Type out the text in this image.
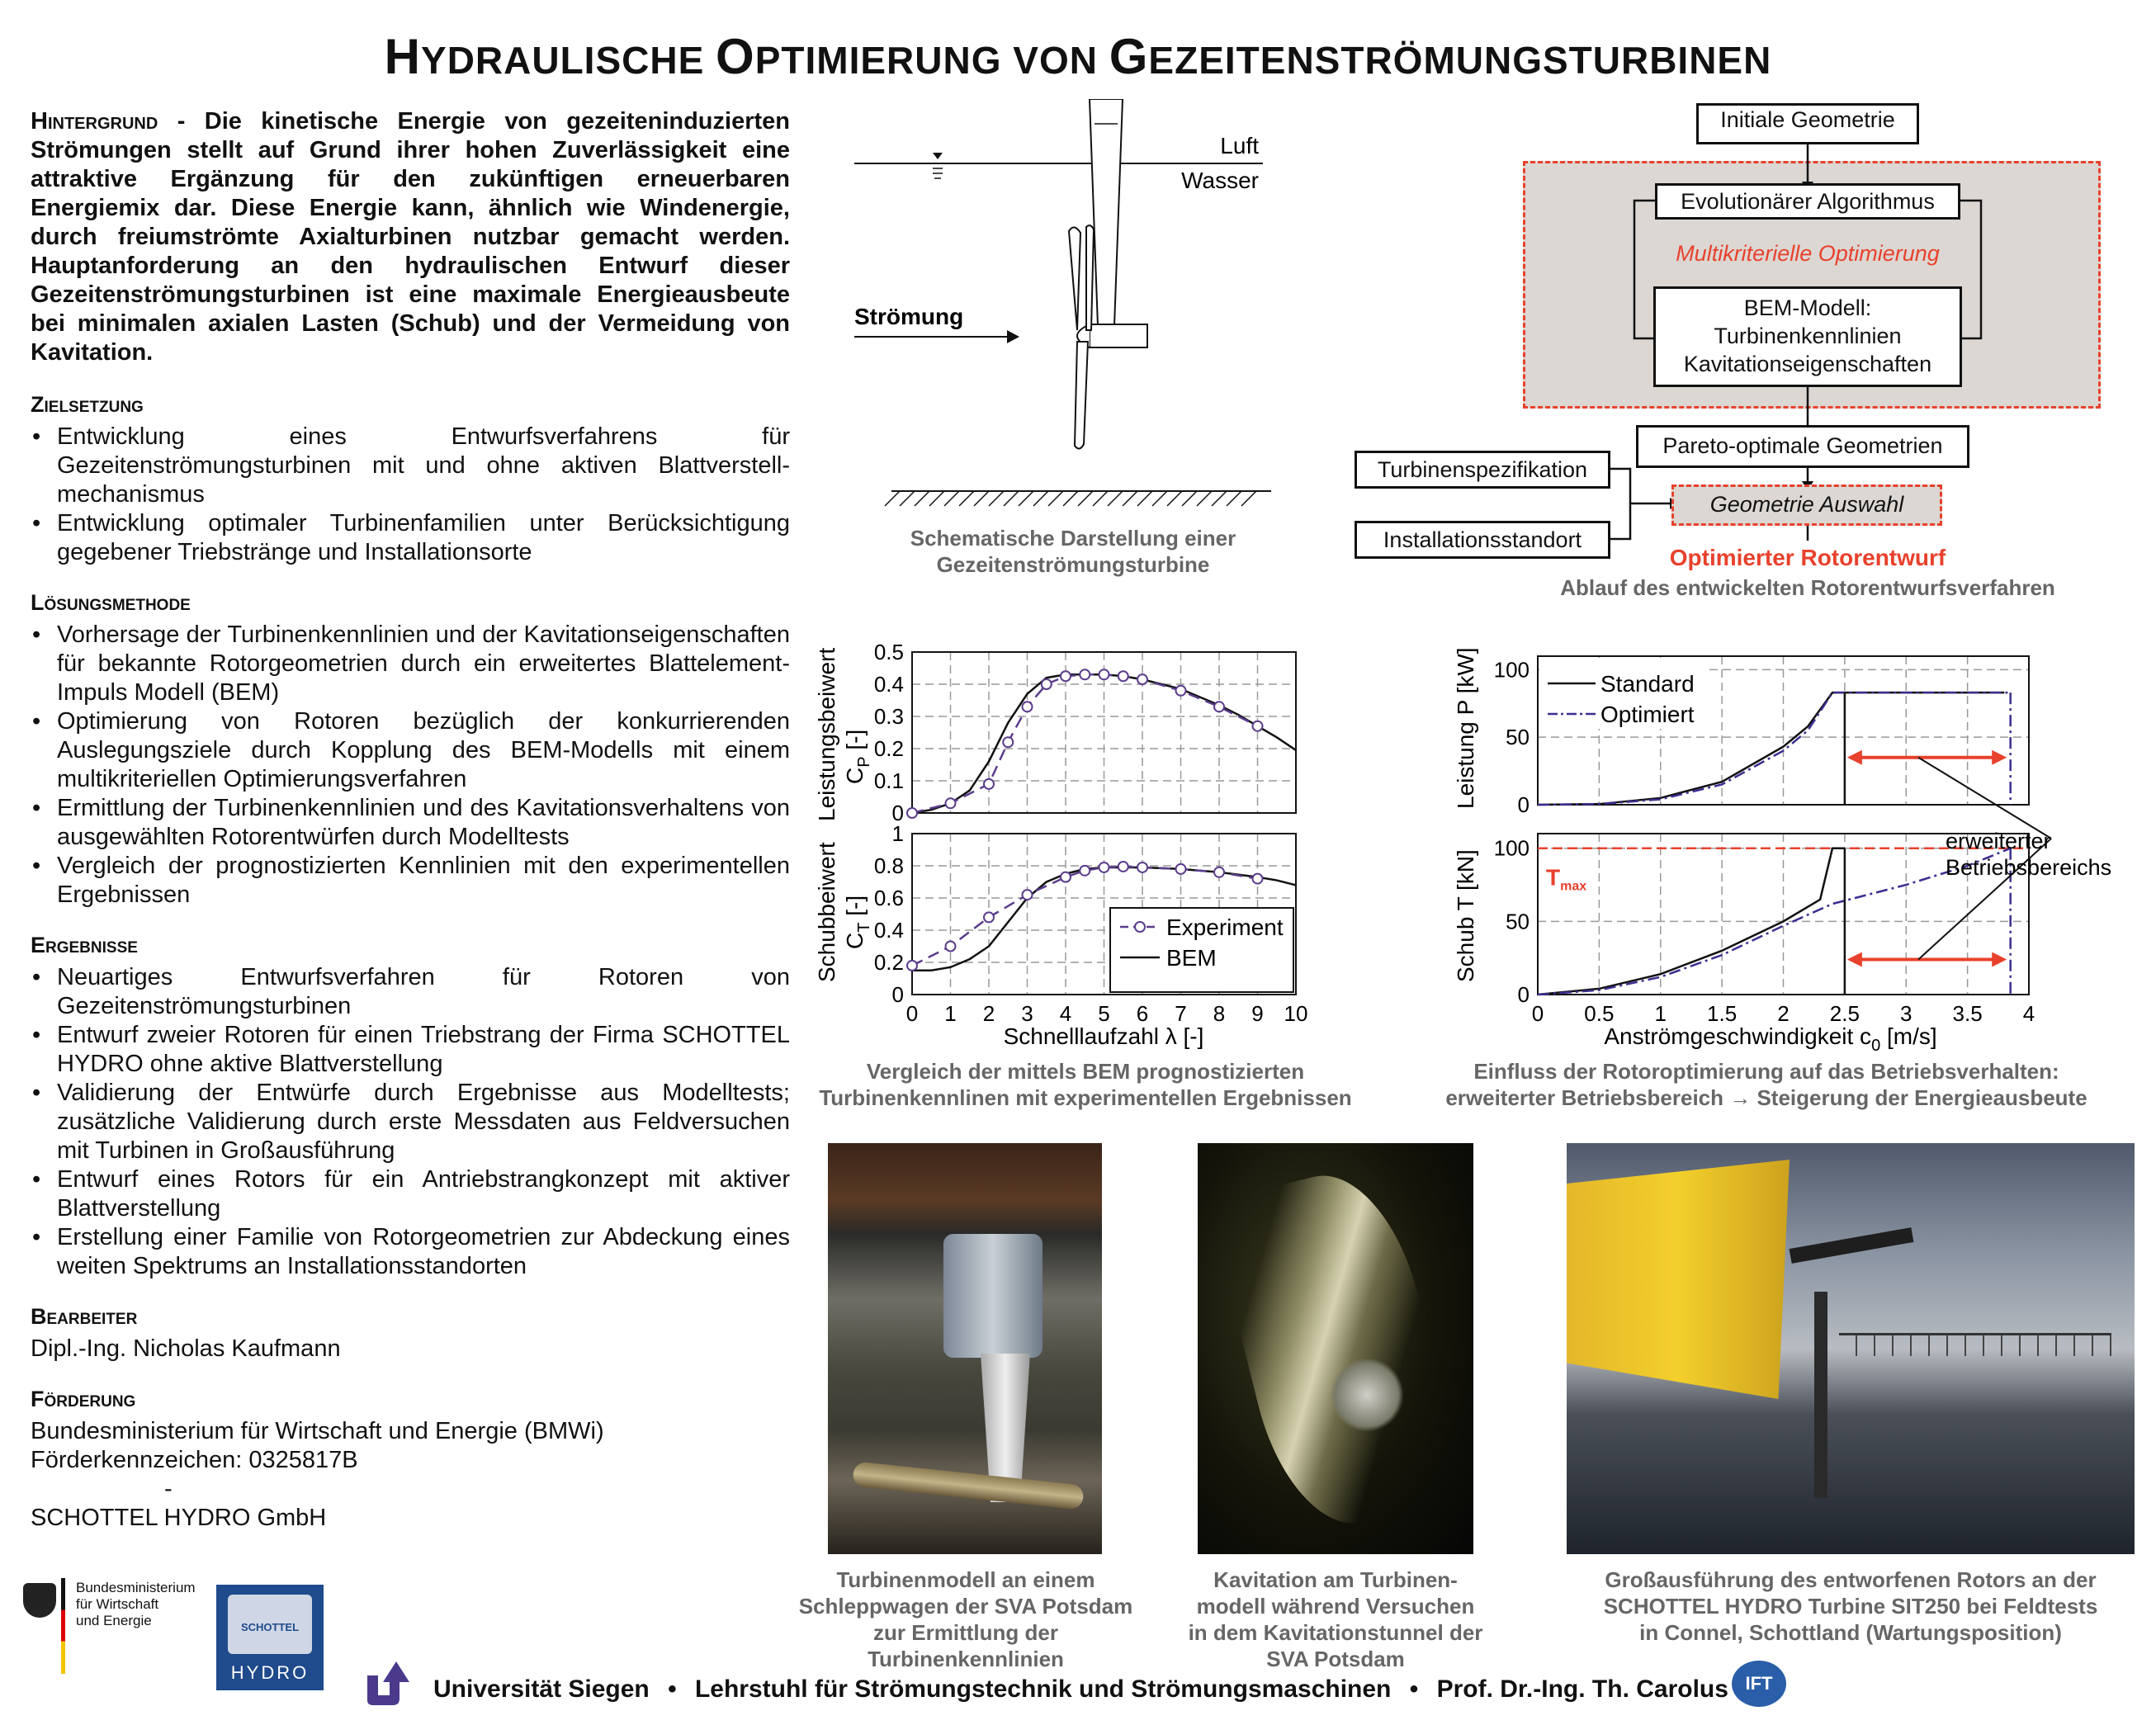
HYDRAULISCHE OPTIMIERUNG VON GEZEITENSTRÖMUNGSTURBINEN

Hintergrund - Die kinetische Energie von gezeiteninduzierten Strömungen stellt auf Grund ihrer hohen Zuverlässigkeit eine attraktive Ergänzung für den zukünftigen erneuerbaren Energiemix dar. Diese Energie kann, ähnlich wie Windenergie, durch freiumströmte Axialturbinen nutzbar gemacht werden. Hauptanforderung an den hydraulischen Entwurf dieser Gezeitenströmungsturbinen ist eine maximale Energieausbeute bei minimalen axialen Lasten (Schub) und der Vermeidung von Kavitation.

Zielsetzung
• Entwicklung eines Entwurfsverfahrens für Gezeitenströmungsturbinen mit und ohne aktiven Blattverstell-mechanismus
• Entwicklung optimaler Turbinenfamilien unter Berücksichtigung gegebener Triebstränge und Installationsorte
Lösungsmethode
• Vorhersage der Turbinenkennlinien und der Kavitationseigenschaften für bekannte Rotorgeometrien durch ein erweitertes Blattelement-Impuls Modell (BEM)
• Optimierung von Rotoren bezüglich der konkurrierenden Auslegungsziele durch Kopplung des BEM-Modells mit einem multikriteriellen Optimierungsverfahren
• Ermittlung der Turbinenkennlinien und des Kavitationsverhaltens von ausgewählten Rotorentwürfen durch Modelltests
• Vergleich der prognostizierten Kennlinien mit den experimentellen Ergebnissen
Ergebnisse
• Neuartiges Entwurfsverfahren für Rotoren von Gezeitenströmungsturbinen
• Entwurf zweier Rotoren für einen Triebstrang der Firma SCHOTTEL HYDRO ohne aktive Blattverstellung
• Validierung der Entwürfe durch Ergebnisse aus Modelltests; zusätzliche Validierung durch erste Messdaten aus Feldversuchen mit Turbinen in Großausführung
• Entwurf eines Rotors für ein Antriebstrangkonzept mit aktiver Blattverstellung
• Erstellung einer Familie von Rotorgeometrien zur Abdeckung eines weiten Spektrums an Installationsstandorten
Bearbeiter

Dipl.-Ing. Nicholas Kaufmann

Förderung

Bundesministerium für Wirtschaft und Energie (BMWi)

Förderkennzeichen: 0325817B

-

SCHOTTEL HYDRO GmbH

Luft
Wasser
Strömung
Schematische Darstellung einer
Gezeitenströmungsturbine
Initiale Geometrie
Evolutionärer Algorithmus
Multikriterielle Optimierung
BEM-Modell:
Turbinenkennlinien
Kavitationseigenschaften
Pareto-optimale Geometrien
Turbinenspezifikation
Installationsstandort
Geometrie Auswahl
Optimierter Rotorentwurf
Ablauf des entwickelten Rotorentwurfsverfahren
0
0.1
0.2
0.3
0.4
0.5
0
0.2
0.4
0.6
0.8
1
0 1 2 3 4 5 6 7 8 9 10
Experiment
BEM
Leistungsbeiwert $C_P$ [-]
Schubbeiwert $C_T$ [-]
Schnelllaufzahl λ [-]
Vergleich der mittels BEM prognostizierten
Turbinenkennlinen mit experimentellen Ergebnissen
0
50
100
0
50
100
0 0.5 1 1.5 2 2.5 3 3.5 4
$T_{max}$
erweiterter
Betriebsbereichs
Standard
Optimiert
Leistung P [kW]
Schub T [kN]
Anströmgeschwindigkeit $c_0$ [m/s]
Einfluss der Rotoroptimierung auf das Betriebsverhalten:
erweiterter Betriebsbereich → Steigerung der Energieausbeute
Turbinenmodell an einem
Schleppwagen der SVA Potsdam
zur Ermittlung der
Turbinenkennlinien
Kavitation am Turbinen-
modell während Versuchen
in dem Kavitationstunnel der
SVA Potsdam
Großausführung des entworfenen Rotors an der
SCHOTTEL HYDRO Turbine SIT250 bei Feldtests
in Connel, Schottland (Wartungsposition)
Bundesministerium
für Wirtschaft
und Energie	SCHOTTEL
HYDRO
Universität Siegen • Lehrstuhl für Strömungstechnik und Strömungsmaschinen • Prof. Dr.-Ing. Th. Carolus IFT
